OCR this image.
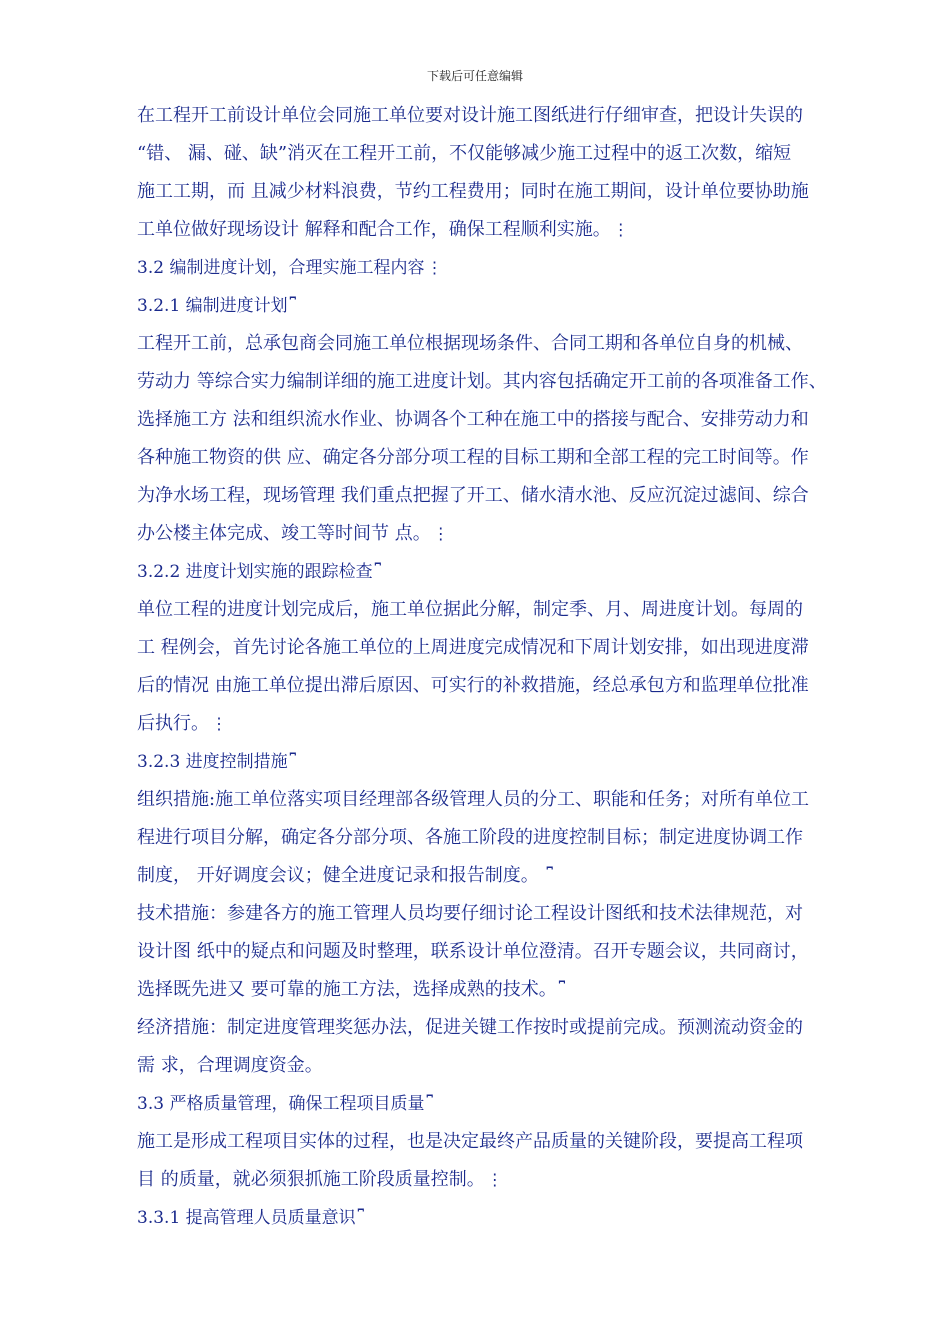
下载后可任意编辑
在工程开工前设计单位会同施工单位要对设计施工图纸进行仔细审查，把设计失误的
“错、 漏、碰、缺”消灭在工程开工前，不仅能够减少施工过程中的返工次数，缩短
施工工期，而 且减少材料浪费，节约工程费用；同时在施工期间，设计单位要协助施
工单位做好现场设计 解释和配合工作，确保工程顺利实施。 ⋮
3.2 编制进度计划，合理实施工程内容 ⋮
3.2.1 编制进度计划 ⎴
工程开工前，总承包商会同施工单位根据现场条件、合同工期和各单位自身的机械、
劳动力 等综合实力编制详细的施工进度计划。其内容包括确定开工前的各项准备工作、
选择施工方 法和组织流水作业、协调各个工种在施工中的搭接与配合、安排劳动力和
各种施工物资的供 应、确定各分部分项工程的目标工期和全部工程的完工时间等。作
为净水场工程，现场管理 我们重点把握了开工、储水清水池、反应沉淀过滤间、综合
办公楼主体完成、竣工等时间节 点。 ⋮
3.2.2 进度计划实施的跟踪检查 ⎴
单位工程的进度计划完成后，施工单位据此分解，制定季、月、周进度计划。每周的
工 程例会，首先讨论各施工单位的上周进度完成情况和下周计划安排，如出现进度滞
后的情况 由施工单位提出滞后原因、可实行的补救措施，经总承包方和监理单位批准
后执行。 ⋮
3.2.3 进度控制措施 ⎴
组织措施:施工单位落实项目经理部各级管理人员的分工、职能和任务；对所有单位工
程进行项目分解，确定各分部分项、各施工阶段的进度控制目标；制定进度协调工作
制度， 开好调度会议；健全进度记录和报告制度。 ⎴
技术措施：参建各方的施工管理人员均要仔细讨论工程设计图纸和技术法律规范，对
设计图 纸中的疑点和问题及时整理，联系设计单位澄清。召开专题会议，共同商讨，
选择既先进又 要可靠的施工方法，选择成熟的技术。 ⎴
经济措施：制定进度管理奖惩办法，促进关键工作按时或提前完成。预测流动资金的
需 求，合理调度资金。
3.3 严格质量管理，确保工程项目质量 ⎴
施工是形成工程项目实体的过程，也是决定最终产品质量的关键阶段，要提高工程项
目 的质量，就必须狠抓施工阶段质量控制。 ⋮
3.3.1 提高管理人员质量意识 ⎴
